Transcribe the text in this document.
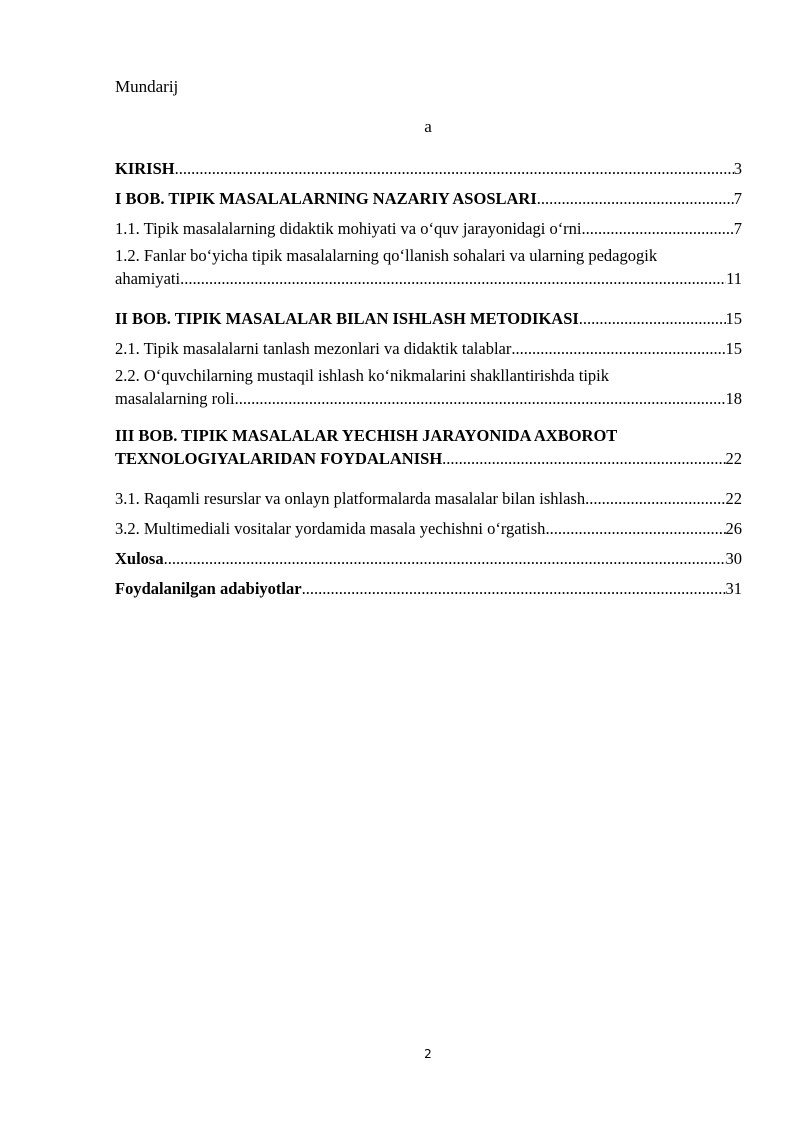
Mundarij
a
KIRISH .....	3
I BOB. TIPIK MASALALARNING NAZARIY ASOSLARI .....	7
1.1. Tipik masalalarning didaktik mohiyati va o‘quv jarayonidagi o‘rni .....	7
1.2. Fanlar bo‘yicha tipik masalalarning qo‘llanish sohalari va ularning pedagogik
ahamiyati .....	11
II BOB. TIPIK MASALALAR BILAN ISHLASH METODIKASI .....	15
2.1. Tipik masalalarni tanlash mezonlari va didaktik talablar .....	15
2.2. O‘quvchilarning mustaqil ishlash ko‘nikmalarini shakllantirishda tipik
masalalarning roli .....	18
III BOB. TIPIK MASALALAR YECHISH JARAYONIDA AXBOROT
TEXNOLOGIYALARIDAN FOYDALANISH .....	22
3.1. Raqamli resurslar va onlayn platformalarda masalalar bilan ishlash .....	22
3.2. Multimediali vositalar yordamida masala yechishni o‘rgatish .....	26
Xulosa .....	30
Foydalanilgan adabiyotlar .....	31
2
